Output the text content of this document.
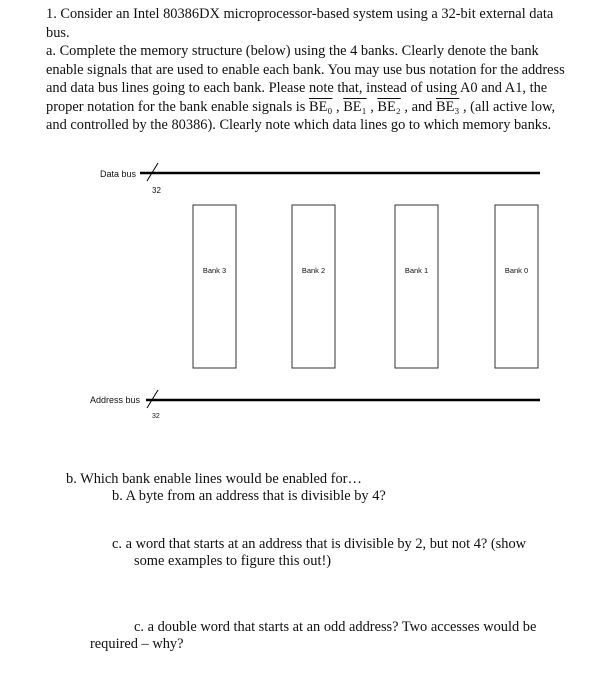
1. Consider an Intel 80386DX microprocessor-based system using a 32-bit external data bus.

a. Complete the memory structure (below) using the 4 banks. Clearly denote the bank enable signals that are used to enable each bank. You may use bus notation for the address and data bus lines going to each bank. Please note that, instead of using A0 and A1, the proper notation for the bank enable signals is BE₀ , BE₁ , BE₂ , and BE₃ , (all active low, and controlled by the 80386). Clearly note which data lines go to which memory banks.

Data bus
32
Bank 3	Bank 2	Bank 1	Bank 0
Address bus
32
b. Which bank enable lines would be enabled for…
b. A byte from an address that is divisible by 4?
c. a word that starts at an address that is divisible by 2, but not 4? (show
some examples to figure this out!)
c. a double word that starts at an odd address? Two accesses would be
required – why?
